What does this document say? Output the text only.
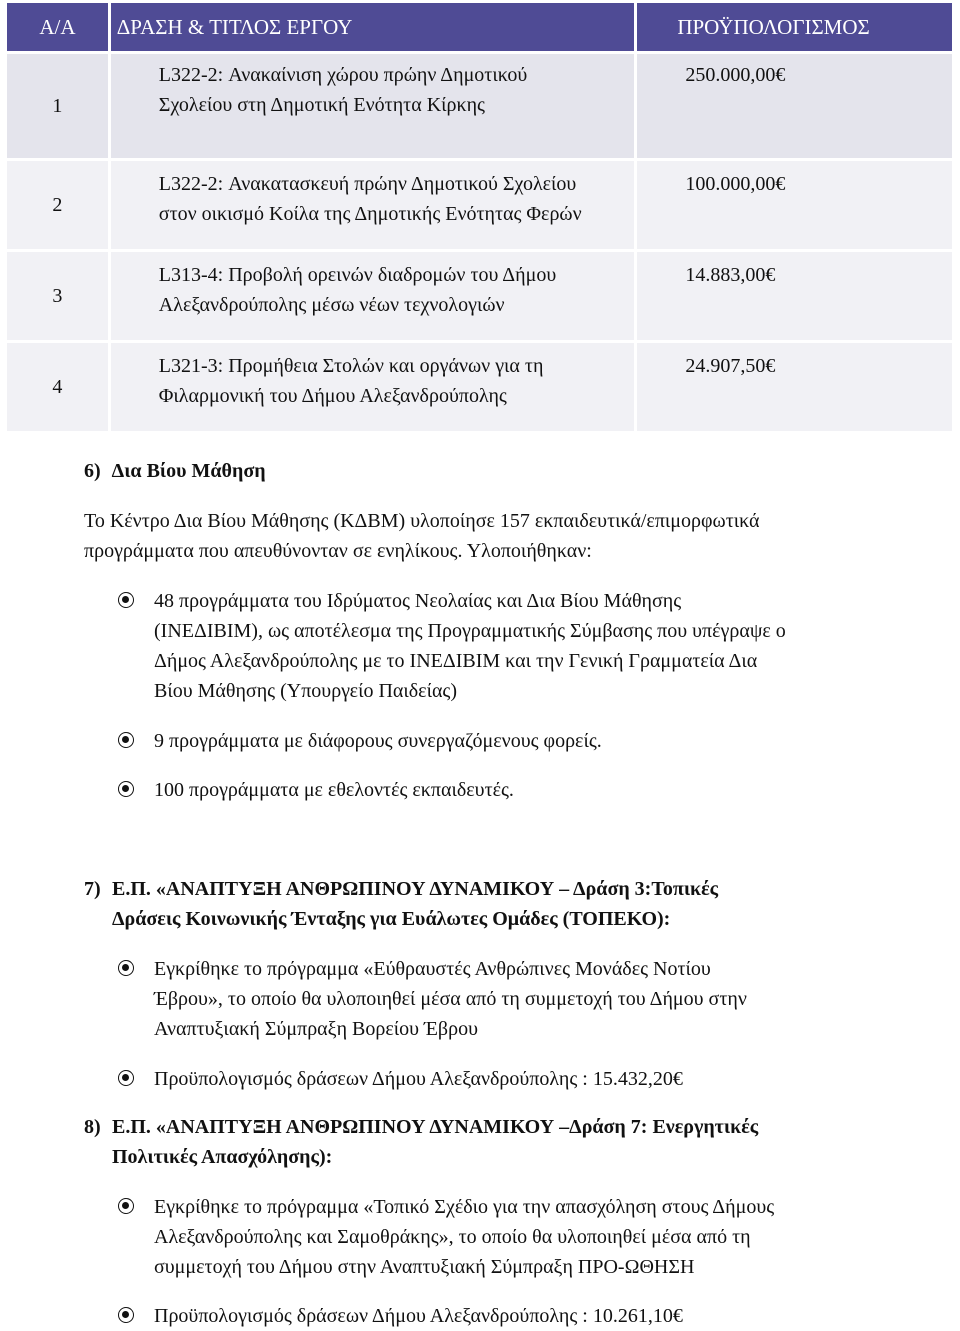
Α/Α	ΔΡΑΣΗ & ΤΙΤΛΟΣ ΕΡΓΟΥ	ΠΡΟΫΠΟΛΟΓΙΣΜΟΣ
1	L322-2: Ανακαίνιση χώρου πρώην Δημοτικού
Σχολείου στη Δημοτική Ενότητα Κίρκης	250.000,00€
2	L322-2: Ανακατασκευή πρώην Δημοτικού Σχολείου
στον οικισμό Κοίλα της Δημοτικής Ενότητας Φερών	100.000,00€
3	L313-4: Προβολή ορεινών διαδρομών του Δήμου
Αλεξανδρούπολης μέσω νέων τεχνολογιών	14.883,00€
4	L321-3: Προμήθεια Στολών και οργάνων για τη
Φιλαρμονική του Δήμου Αλεξανδρούπολης	24.907,50€
6) Δια Βίου Μάθηση
Το Κέντρο Δια Βίου Μάθησης (ΚΔΒΜ) υλοποίησε 157 εκπαιδευτικά/επιμορφωτικά
προγράμματα που απευθύνονταν σε ενηλίκους. Υλοποιήθηκαν:
48 προγράμματα του Ιδρύματος Νεολαίας και Δια Βίου Μάθησης
(ΙΝΕΔΙΒΙΜ), ως αποτέλεσμα της Προγραμματικής Σύμβασης που υπέγραψε ο
Δήμος Αλεξανδρούπολης με το ΙΝΕΔΙΒΙΜ και την Γενική Γραμματεία Δια
Βίου Μάθησης (Υπουργείο Παιδείας)
9 προγράμματα με διάφορους συνεργαζόμενους φορείς.
100 προγράμματα με εθελοντές εκπαιδευτές.
7) Ε.Π. «ΑΝΑΠΤΥΞΗ ΑΝΘΡΩΠΙΝΟΥ ΔΥΝΑΜΙΚΟΥ – Δράση 3:Τοπικές
Δράσεις Κοινωνικής Ένταξης για Ευάλωτες Ομάδες (ΤΟΠΕΚΟ):
Εγκρίθηκε το πρόγραμμα «Εύθραυστές Ανθρώπινες Μονάδες Νοτίου
Έβρου», το οποίο θα υλοποιηθεί μέσα από τη συμμετοχή του Δήμου στην
Αναπτυξιακή Σύμπραξη Βορείου Έβρου
Προϋπολογισμός δράσεων Δήμου Αλεξανδρούπολης : 15.432,20€
8) Ε.Π. «ΑΝΑΠΤΥΞΗ ΑΝΘΡΩΠΙΝΟΥ ΔΥΝΑΜΙΚΟΥ –Δράση 7: Ενεργητικές
Πολιτικές Απασχόλησης):
Εγκρίθηκε το πρόγραμμα «Τοπικό Σχέδιο για την απασχόληση στους Δήμους
Αλεξανδρούπολης και Σαμοθράκης», το οποίο θα υλοποιηθεί μέσα από τη
συμμετοχή του Δήμου στην Αναπτυξιακή Σύμπραξη ΠΡΟ-ΩΘΗΣΗ
Προϋπολογισμός δράσεων Δήμου Αλεξανδρούπολης : 10.261,10€
